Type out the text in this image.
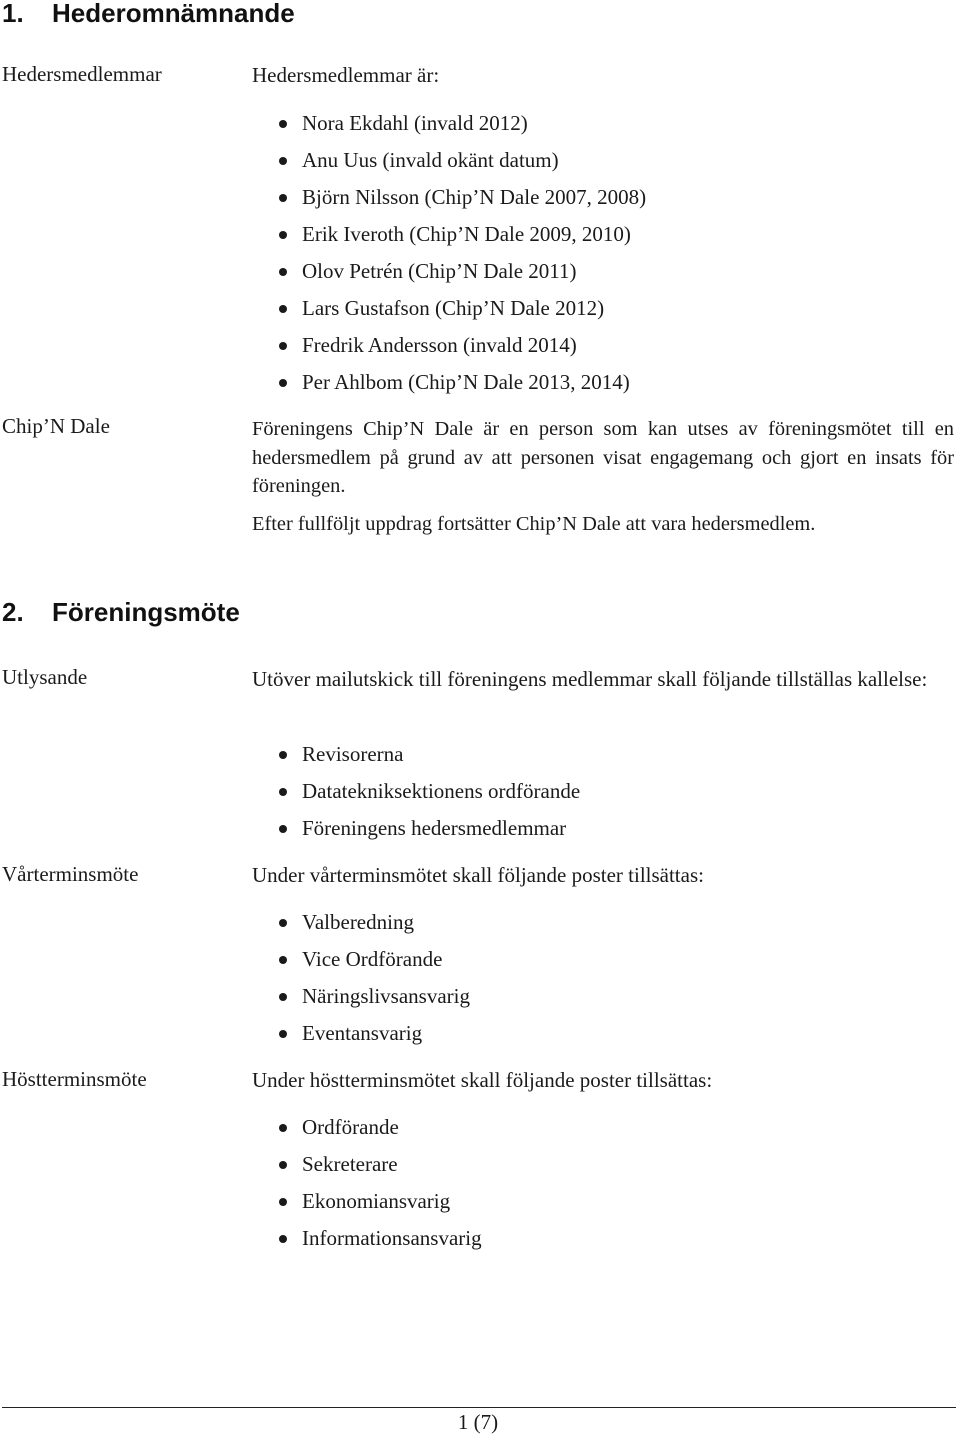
1. Hederomnämnande
Hedersmedlemmar	Hedersmedlemmar är:

Nora Ekdahl (invald 2012)
Anu Uus (invald okänt datum)
Björn Nilsson (Chip’N Dale 2007, 2008)
Erik Iveroth (Chip’N Dale 2009, 2010)
Olov Petrén (Chip’N Dale 2011)
Lars Gustafson (Chip’N Dale 2012)
Fredrik Andersson (invald 2014)
Per Ahlbom (Chip’N Dale 2013, 2014)
Chip’N Dale	Föreningens Chip’N Dale är en person som kan utses av föreningsmötet till en hedersmedlem på grund av att personen visat engagemang och gjort en insats för föreningen.

Efter fullföljt uppdrag fortsätter Chip’N Dale att vara hedersmedlem.

2. Föreningsmöte
Utlysande	Utöver mailutskick till föreningens medlemmar skall följande tillställas kallelse:

Revisorerna
Datatekniksektionens ordförande
Föreningens hedersmedlemmar
Vårterminsmöte	Under vårterminsmötet skall följande poster tillsättas:

Valberedning
Vice Ordförande
Näringslivsansvarig
Eventansvarig
Höstterminsmöte	Under höstterminsmötet skall följande poster tillsättas:

Ordförande
Sekreterare
Ekonomiansvarig
Informationsansvarig
1 (7)
